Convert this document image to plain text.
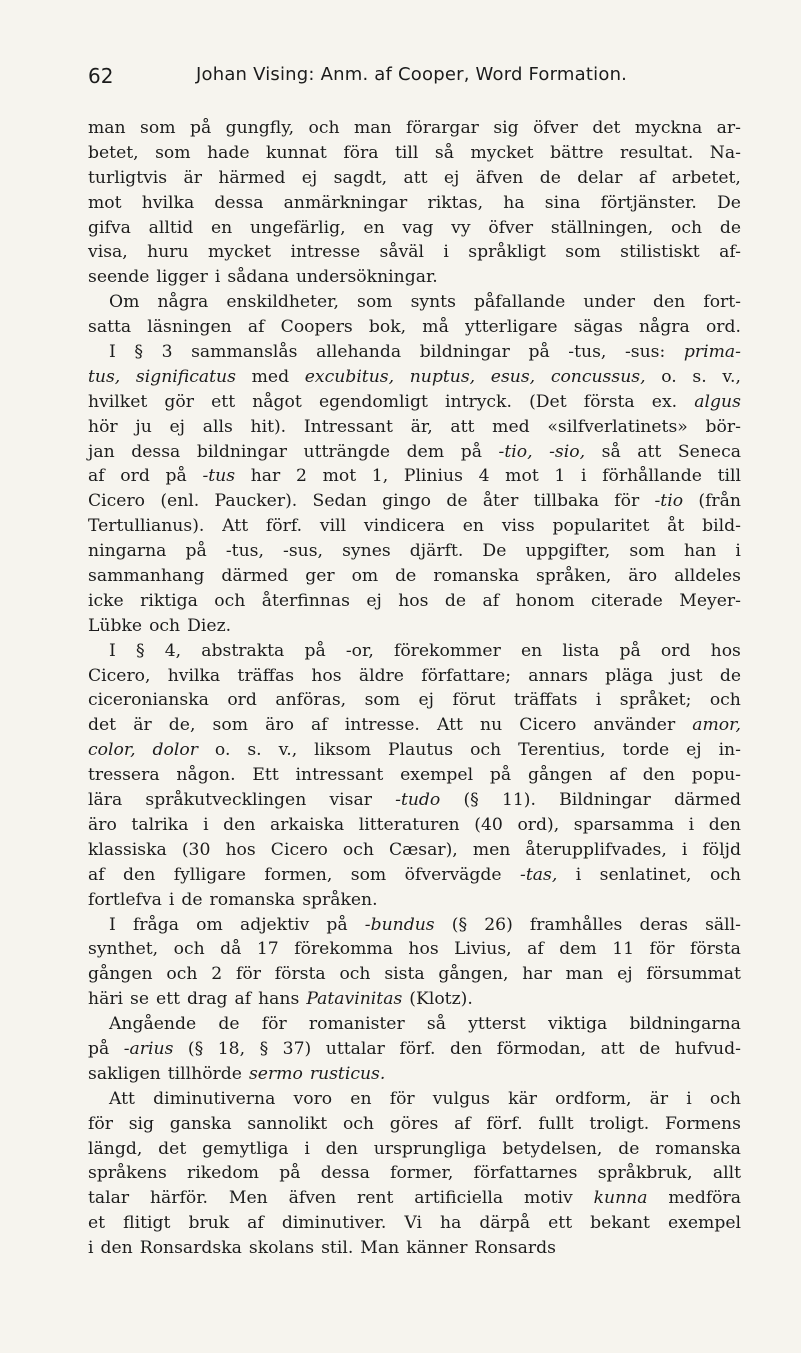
62	Johan Vising: Anm. af Cooper, Word Formation.
man som på gungfly, och man förargar sig öfver det myckna ar-
betet, som hade kunnat föra till så mycket bättre resultat. Na-
turligtvis är härmed ej sagdt, att ej äfven de delar af arbetet,
mot hvilka dessa anmärkningar riktas, ha sina förtjänster. De
gifva alltid en ungefärlig, en vag vy öfver ställningen, och de
visa, huru mycket intresse såväl i språkligt som stilistiskt af-
seende ligger i sådana undersökningar.
Om några enskildheter, som synts påfallande under den fort-
satta läsningen af Coopers bok, må ytterligare sägas några ord.
I § 3 sammanslås allehanda bildningar på -tus, -sus: prima-
tus, significatus med excubitus, nuptus, esus, concussus, o. s. v.,
hvilket gör ett något egendomligt intryck. (Det första ex. algus
hör ju ej alls hit). Intressant är, att med «silfverlatinets» bör-
jan dessa bildningar utträngde dem på -tio, -sio, så att Seneca
af ord på -tus har 2 mot 1, Plinius 4 mot 1 i förhållande till
Cicero (enl. Paucker). Sedan gingo de åter tillbaka för -tio (från
Tertullianus). Att förf. vill vindicera en viss popularitet åt bild-
ningarna på -tus, -sus, synes djärft. De uppgifter, som han i
sammanhang därmed ger om de romanska språken, äro alldeles
icke riktiga och återfinnas ej hos de af honom citerade Meyer-
Lübke och Diez.
I § 4, abstrakta på -or, förekommer en lista på ord hos
Cicero, hvilka träffas hos äldre författare; annars pläga just de
ciceronianska ord anföras, som ej förut träffats i språket; och
det är de, som äro af intresse. Att nu Cicero använder amor,
color, dolor o. s. v., liksom Plautus och Terentius, torde ej in-
tressera någon. Ett intressant exempel på gången af den popu-
lära språkutvecklingen visar -tudo (§ 11). Bildningar därmed
äro talrika i den arkaiska litteraturen (40 ord), sparsamma i den
klassiska (30 hos Cicero och Cæsar), men återupplifvades, i följd
af den fylligare formen, som öfvervägde -tas, i senlatinet, och
fortlefva i de romanska språken.
I fråga om adjektiv på -bundus (§ 26) framhålles deras säll-
synthet, och då 17 förekomma hos Livius, af dem 11 för första
gången och 2 för första och sista gången, har man ej försummat
häri se ett drag af hans Patavinitas (Klotz).
Angående de för romanister så ytterst viktiga bildningarna
på -arius (§ 18, § 37) uttalar förf. den förmodan, att de hufvud-
sakligen tillhörde sermo rusticus.
Att diminutiverna voro en för vulgus kär ordform, är i och
för sig ganska sannolikt och göres af förf. fullt troligt. Formens
längd, det gemytliga i den ursprungliga betydelsen, de romanska
språkens rikedom på dessa former, författarnes språkbruk, allt
talar härför. Men äfven rent artificiella motiv kunna medföra
et flitigt bruk af diminutiver. Vi ha därpå ett bekant exempel
i den Ronsardska skolans stil. Man känner Ronsards
